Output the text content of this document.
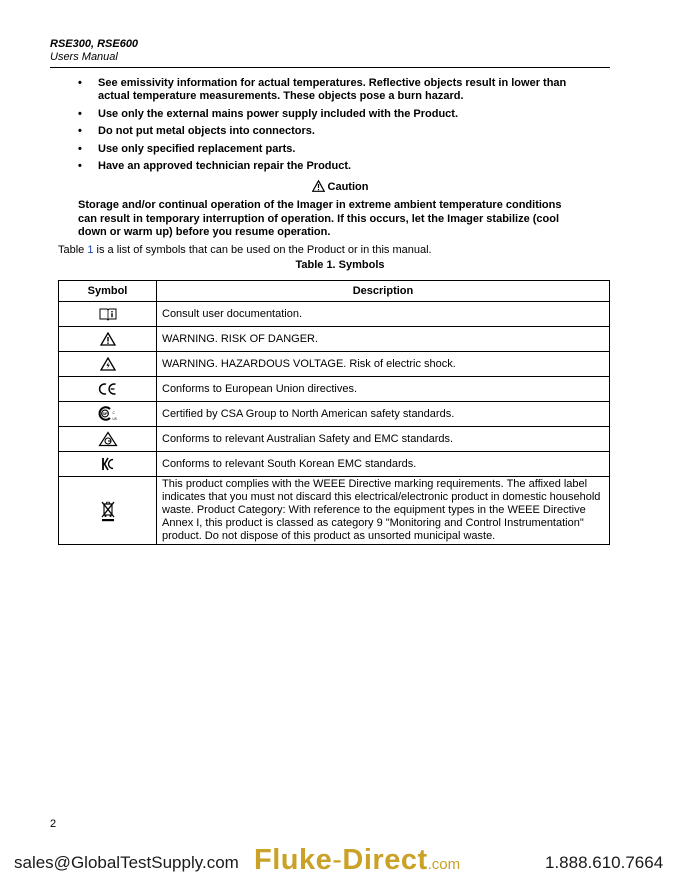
RSE300, RSE600
Users Manual
• See emissivity information for actual temperatures. Reflective objects result in lower than actual temperature measurements. These objects pose a burn hazard.
• Use only the external mains power supply included with the Product.
• Do not put metal objects into connectors.
• Use only specified replacement parts.
• Have an approved technician repair the Product.
Caution
Storage and/or continual operation of the Imager in extreme ambient temperature conditions can result in temporary interruption of operation. If this occurs, let the Imager stabilize (cool down or warm up) before you resume operation.
Table 1 is a list of symbols that can be used on the Product or in this manual.
Table 1. Symbols
Symbol	Description

	Consult user documentation.

	WARNING. RISK OF DANGER.

	WARNING. HAZARDOUS VOLTAGE. Risk of electric shock.

	Conforms to European Union directives.

SP C
US	Certified by CSA Group to North American safety standards.

	Conforms to relevant Australian Safety and EMC standards.

	Conforms to relevant South Korean EMC standards.

	This product complies with the WEEE Directive marking requirements. The affixed label indicates that you must not discard this electrical/electronic product in domestic household waste. Product Category: With reference to the equipment types in the WEEE Directive Annex I, this product is classed as category 9 "Monitoring and Control Instrumentation" product. Do not dispose of this product as unsorted municipal waste.
2
sales@GlobalTestSupply.com Fluke-Direct.com	1.888.610.7664
